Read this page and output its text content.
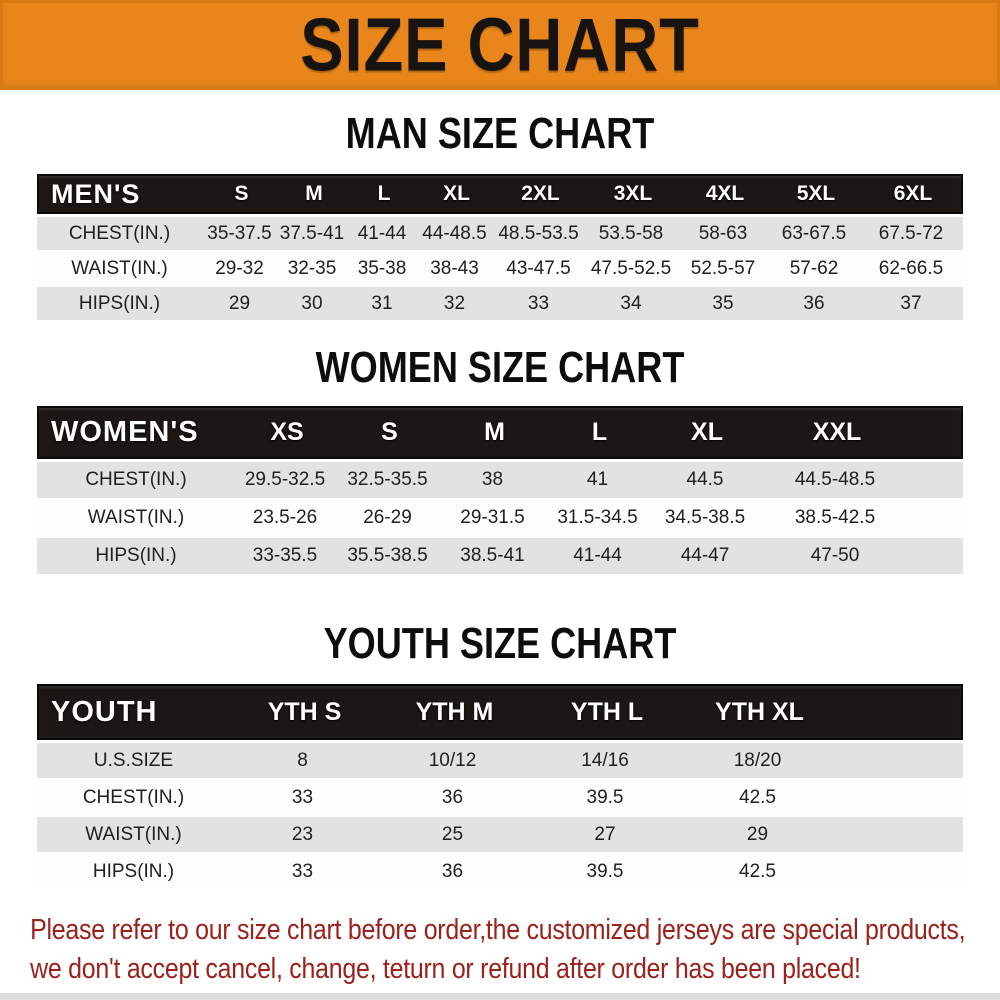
SIZE CHART
MAN SIZE CHART
MEN'S	S	M	L	XL	2XL	3XL	4XL	5XL	6XL
CHEST(IN.)	35-37.5 37.5-41 41-44 44-48.5 48.5-53.5	53.5-58	58-63	63-67.5	67.5-72
WAIST(IN.)	29-32	32-35	35-38	38-43	43-47.5	47.5-52.5	52.5-57	57-62	62-66.5
HIPS(IN.)	29	30	31	32	33	34	35	36	37
WOMEN SIZE CHART
WOMEN'S	XS	S	M	L	XL	XXL
CHEST(IN.)	29.5-32.5	32.5-35.5	38	41	44.5	44.5-48.5
WAIST(IN.)	23.5-26	26-29	29-31.5	31.5-34.5	34.5-38.5	38.5-42.5
HIPS(IN.)	33-35.5	35.5-38.5	38.5-41	41-44	44-47	47-50
YOUTH SIZE CHART
YOUTH	YTH S	YTH M	YTH L	YTH XL
U.S.SIZE	8	10/12	14/16	18/20
CHEST(IN.)	33	36	39.5	42.5
WAIST(IN.)	23	25	27	29
HIPS(IN.)	33	36	39.5	42.5
Please refer to our size chart before order,the customized jerseys are special products,
we don't accept cancel, change, teturn or refund after order has been placed!
